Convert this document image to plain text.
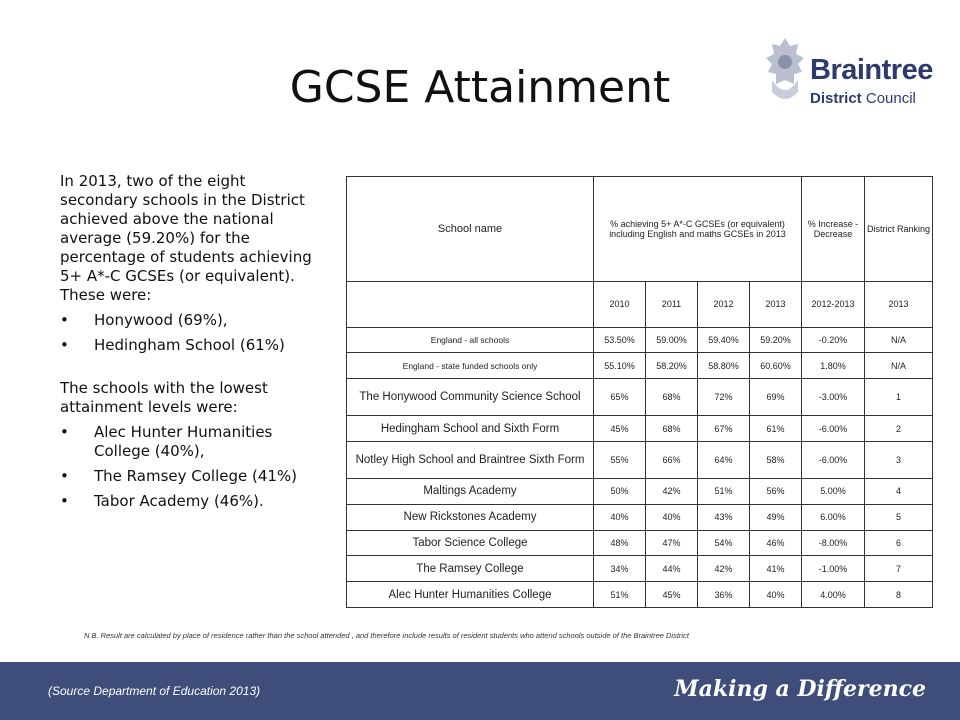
GCSE Attainment	Braintree
District Council

In 2013, two of the eight secondary schools in the District achieved above the national average (59.20%) for the percentage of students achieving 5+ A*-C GCSEs (or equivalent). These were:

• Honywood (69%),
• Hedingham School (61%)

The schools with the lowest attainment levels were:

• Alec Hunter Humanities College (40%),
• The Ramsey College (41%)
• Tabor Academy (46%).
School name	% achieving 5+ A*-C GCSEs (or equivalent) including English and maths GCSEs in 2013				% Increase - Decrease	District Ranking
	2010	2011	2012	2013	2012-2013	2013
England - all schools	53.50%	59.00%	59.40%	59.20%	-0.20%	N/A
England - state funded schools only	55.10%	58.20%	58.80%	60.60%	1.80%	N/A
The Honywood Community Science School	65%	68%	72%	69%	-3.00%	1
Hedingham School and Sixth Form	45%	68%	67%	61%	-6.00%	2
Notley High School and Braintree Sixth Form	55%	66%	64%	58%	-6.00%	3
Maltings Academy	50%	42%	51%	56%	5.00%	4
New Rickstones Academy	40%	40%	43%	49%	6.00%	5
Tabor Science College	48%	47%	54%	46%	-8.00%	6
The Ramsey College	34%	44%	42%	41%	-1.00%	7
Alec Hunter Humanities College	51%	45%	36%	40%	4.00%	8
N.B. Result are calculated by place of residence rather than the school attended , and therefore include results of resident students who attend schools outside of the Braintree District
(Source Department of Education 2013)	Making a Difference
